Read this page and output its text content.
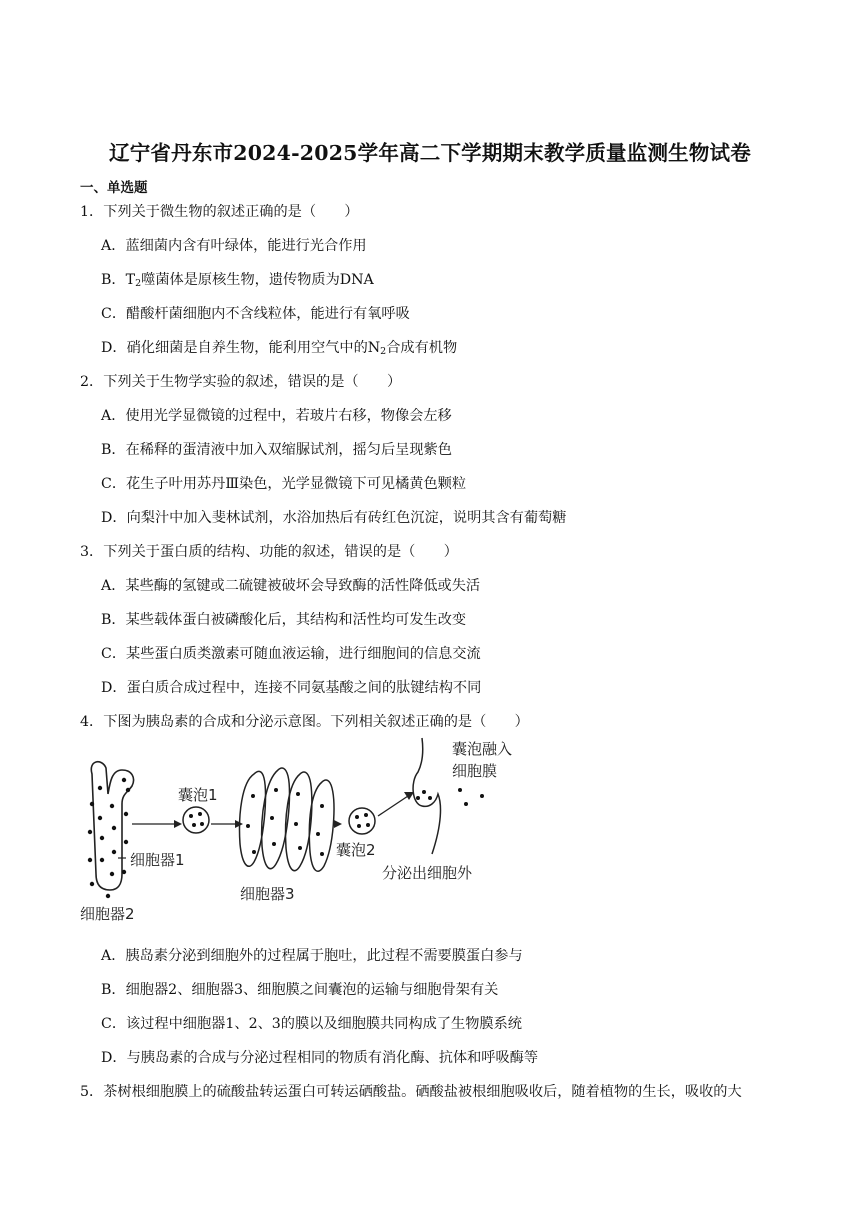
辽宁省丹东市2024-2025学年高二下学期期末教学质量监测生物试卷
一、单选题
1．下列关于微生物的叙述正确的是（　　）
A．蓝细菌内含有叶绿体，能进行光合作用
B．$T_2$噬菌体是原核生物，遗传物质为DNA
C．醋酸杆菌细胞内不含线粒体，能进行有氧呼吸
D．硝化细菌是自养生物，能利用空气中的$N_2$合成有机物
2．下列关于生物学实验的叙述，错误的是（　　）
A．使用光学显微镜的过程中，若玻片右移，物像会左移
B．在稀释的蛋清液中加入双缩脲试剂，摇匀后呈现紫色
C．花生子叶用苏丹Ⅲ染色，光学显微镜下可见橘黄色颗粒
D．向梨汁中加入斐林试剂，水浴加热后有砖红色沉淀，说明其含有葡萄糖
3．下列关于蛋白质的结构、功能的叙述，错误的是（　　）
A．某些酶的氢键或二硫键被破坏会导致酶的活性降低或失活
B．某些载体蛋白被磷酸化后，其结构和活性均可发生改变
C．某些蛋白质类激素可随血液运输，进行细胞间的信息交流
D．蛋白质合成过程中，连接不同氨基酸之间的肽键结构不同
4．下图为胰岛素的合成和分泌示意图。下列相关叙述正确的是（　　）
细胞器1
细胞器2
囊泡1
细胞器3
囊泡2
囊泡融入
细胞膜
分泌出细胞外
A．胰岛素分泌到细胞外的过程属于胞吐，此过程不需要膜蛋白参与
B．细胞器2、细胞器3、细胞膜之间囊泡的运输与细胞骨架有关
C．该过程中细胞器1、2、3的膜以及细胞膜共同构成了生物膜系统
D．与胰岛素的合成与分泌过程相同的物质有消化酶、抗体和呼吸酶等
5．茶树根细胞膜上的硫酸盐转运蛋白可转运硒酸盐。硒酸盐被根细胞吸收后，随着植物的生长，吸收的大
